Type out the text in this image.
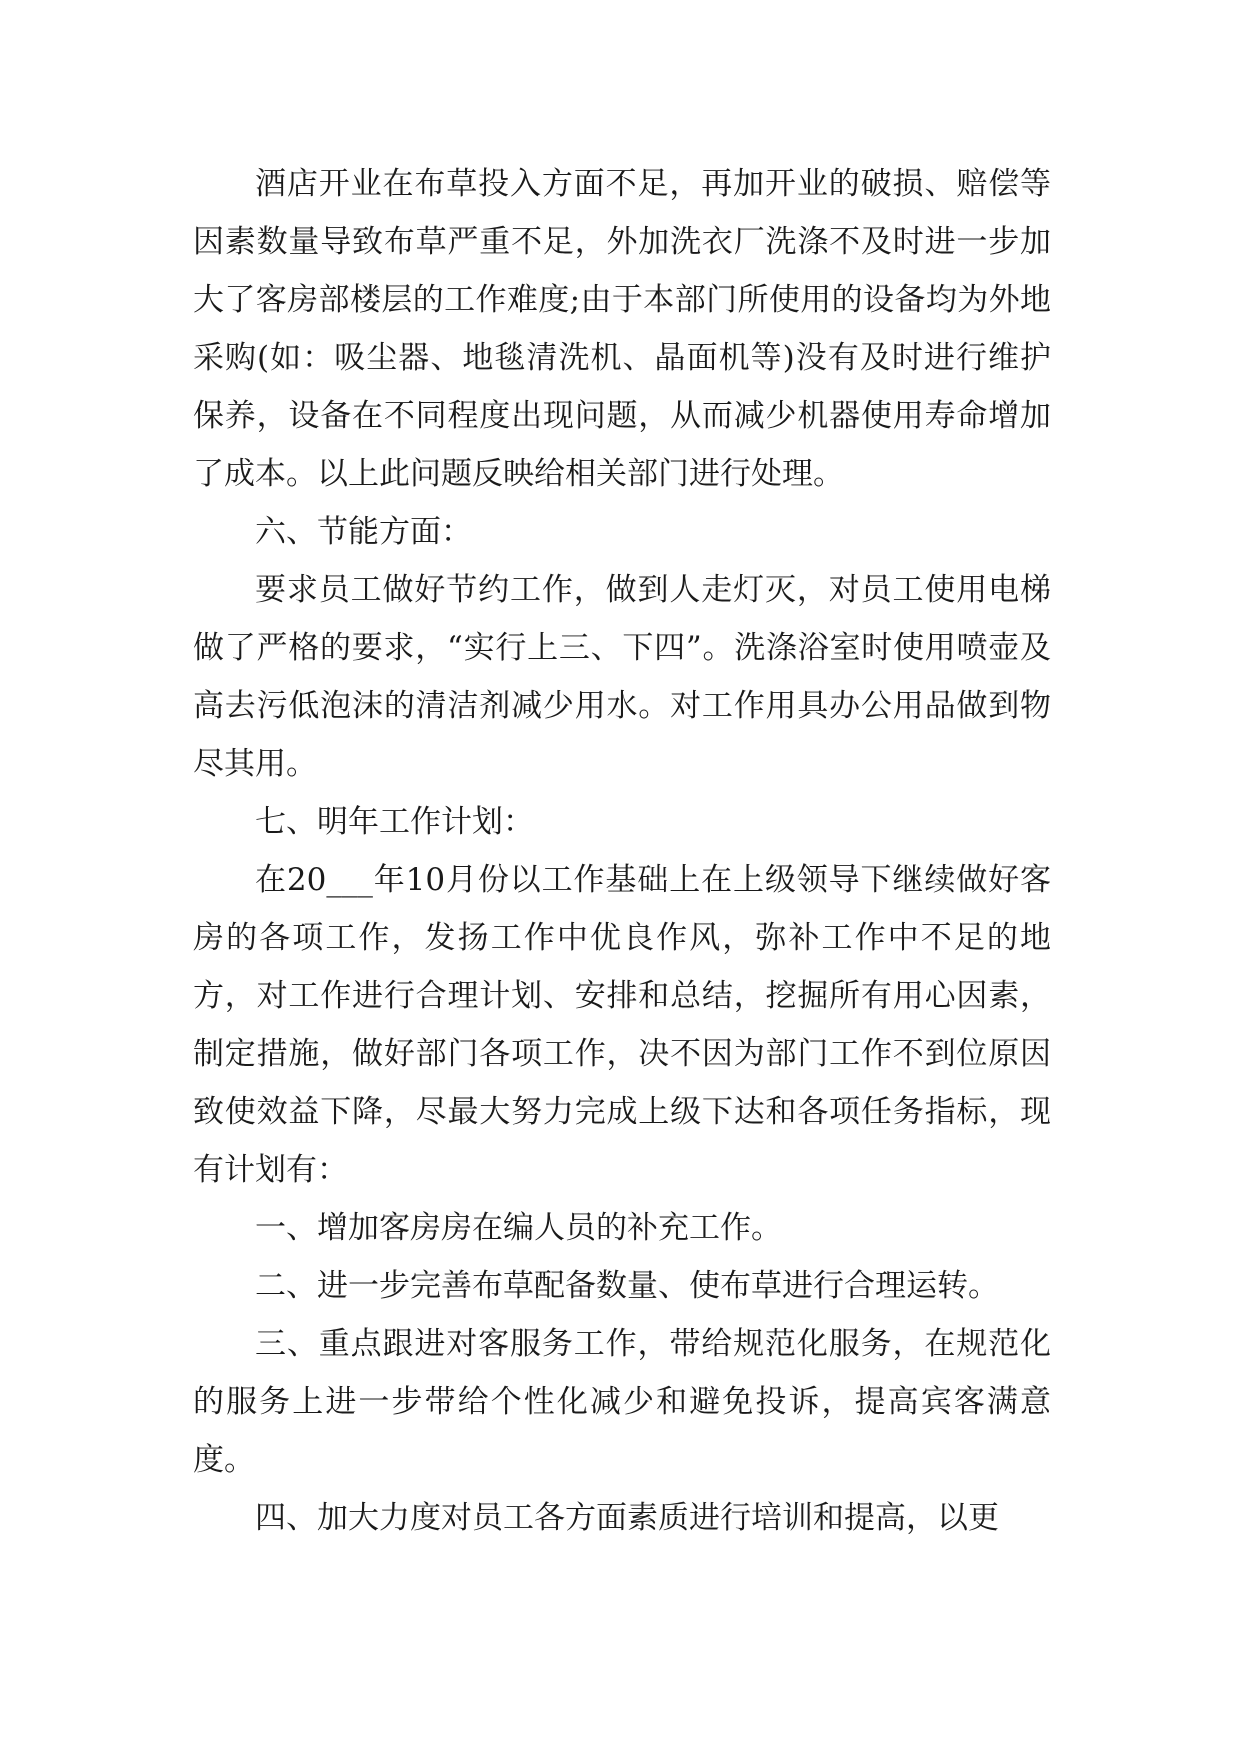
酒店开业在布草投入方面不足，再加开业的破损、赔偿等因素数量导致布草严重不足，外加洗衣厂洗涤不及时进一步加大了客房部楼层的工作难度;由于本部门所使用的设备均为外地采购(如：吸尘器、地毯清洗机、晶面机等)没有及时进行维护保养，设备在不同程度出现问题，从而减少机器使用寿命增加了成本。以上此问题反映给相关部门进行处理。

六、节能方面：

要求员工做好节约工作，做到人走灯灭，对员工使用电梯做了严格的要求，“实行上三、下四”。洗涤浴室时使用喷壶及高去污低泡沫的清洁剂减少用水。对工作用具办公用品做到物尽其用。

七、明年工作计划：

在20___年10月份以工作基础上在上级领导下继续做好客房的各项工作，发扬工作中优良作风，弥补工作中不足的地方，对工作进行合理计划、安排和总结，挖掘所有用心因素，制定措施，做好部门各项工作，决不因为部门工作不到位原因致使效益下降，尽最大努力完成上级下达和各项任务指标，现有计划有：

一、增加客房房在编人员的补充工作。

二、进一步完善布草配备数量、使布草进行合理运转。

三、重点跟进对客服务工作，带给规范化服务，在规范化的服务上进一步带给个性化减少和避免投诉，提高宾客满意度。

四、加大力度对员工各方面素质进行培训和提高，以更
